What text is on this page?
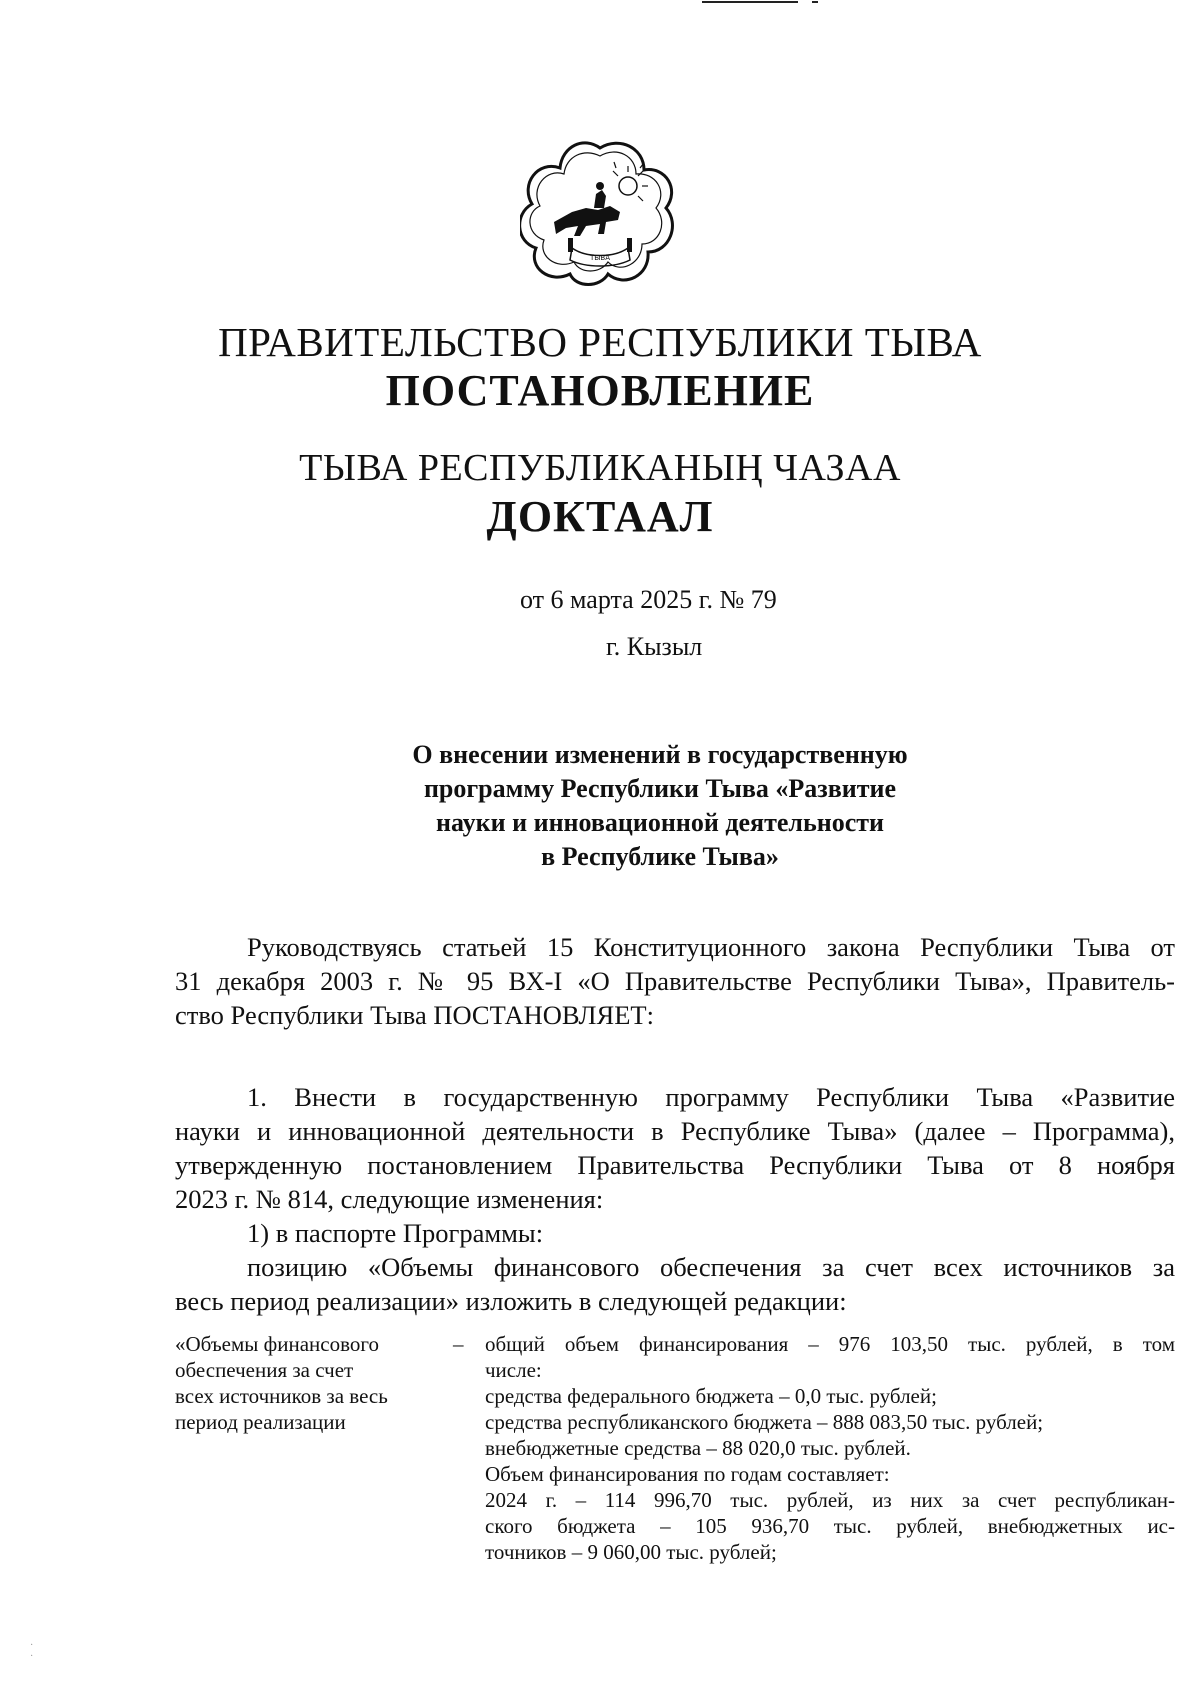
ТЫВА
ПРАВИТЕЛЬСТВО РЕСПУБЛИКИ ТЫВА
ПОСТАНОВЛЕНИЕ
ТЫВА РЕСПУБЛИКАНЫҢ ЧАЗАА
ДОКТААЛ
от 6 марта 2025 г. № 79
г. Кызыл
О внесении изменений в государственную
программу Республики Тыва «Развитие
науки и инновационной деятельности
в Республике Тыва»
Руководствуясь статьей 15 Конституционного закона Республики Тыва от
31 декабря 2003 г. № 95 ВХ-I «О Правительстве Республики Тыва», Правитель-
ство Республики Тыва ПОСТАНОВЛЯЕТ:
1. Внести в государственную программу Республики Тыва «Развитие
науки и инновационной деятельности в Республике Тыва» (далее – Программа),
утвержденную постановлением Правительства Республики Тыва от 8 ноября
2023 г. № 814, следующие изменения:
1) в паспорте Программы:
позицию «Объемы финансового обеспечения за счет всех источников за
весь период реализации» изложить в следующей редакции:
«Объемы финансового
обеспечения за счет
всех источников за весь
период реализации
– общий объем финансирования – 976 103,50 тыс. рублей, в том
числе:
средства федерального бюджета – 0,0 тыс. рублей;
средства республиканского бюджета – 888 083,50 тыс. рублей;
внебюджетные средства – 88 020,0 тыс. рублей.
Объем финансирования по годам составляет:
2024 г. – 114 996,70 тыс. рублей, из них за счет республикан-
ского бюджета – 105 936,70 тыс. рублей, внебюджетных ис-
точников – 9 060,00 тыс. рублей;
· ·
